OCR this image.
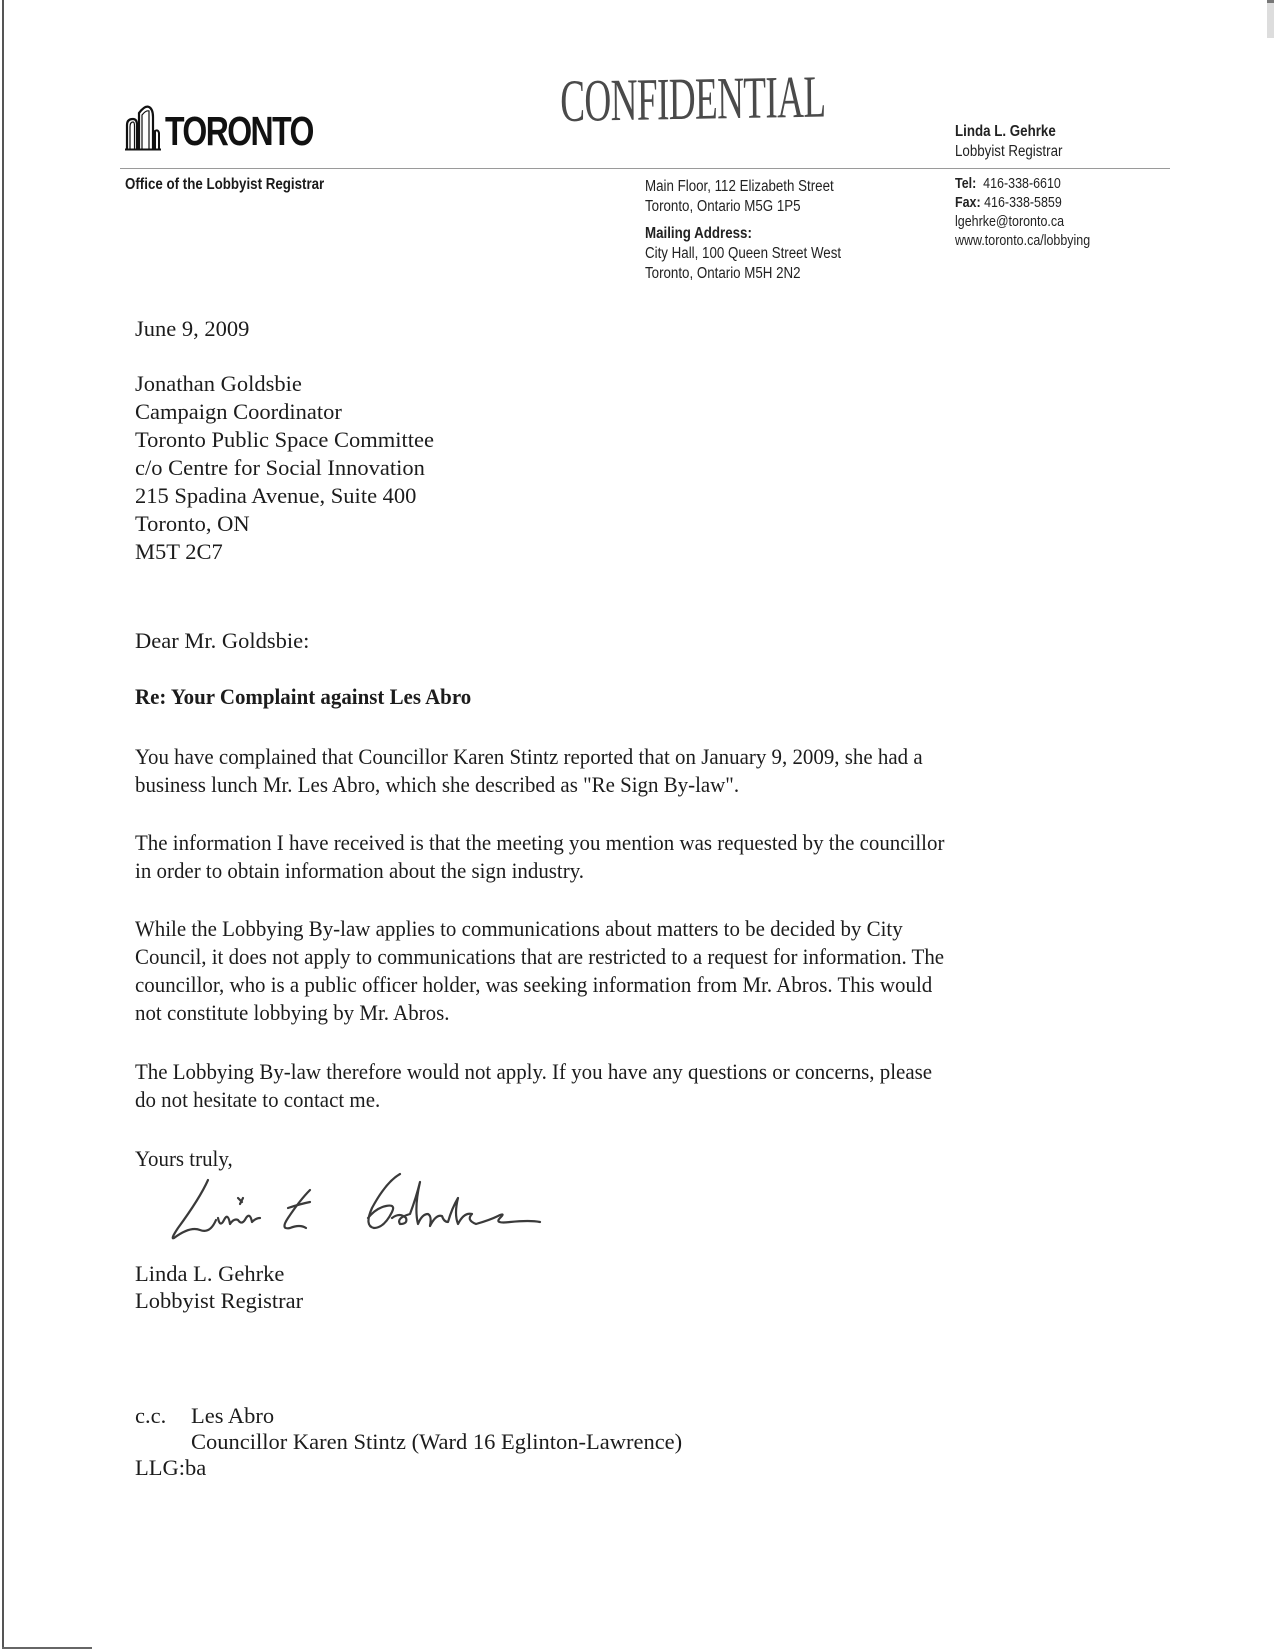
TORONTO	CONFIDENTIAL
Office of the Lobbyist Registrar	Main Floor, 112 Elizabeth Street
Toronto, Ontario M5G 1P5
Mailing Address:
City Hall, 100 Queen Street West
Toronto, Ontario M5H 2N2
Linda L. Gehrke
Lobbyist Registrar
Tel: 416-338-6610
Fax: 416-338-5859
lgehrke@toronto.ca
www.toronto.ca/lobbying
June 9, 2009
Jonathan Goldsbie
Campaign Coordinator
Toronto Public Space Committee
c/o Centre for Social Innovation
215 Spadina Avenue, Suite 400
Toronto, ON
M5T 2C7
Dear Mr. Goldsbie:
Re: Your Complaint against Les Abro
You have complained that Councillor Karen Stintz reported that on January 9, 2009, she had a
business lunch Mr. Les Abro, which she described as "Re Sign By-law".
The information I have received is that the meeting you mention was requested by the councillor
in order to obtain information about the sign industry.
While the Lobbying By-law applies to communications about matters to be decided by City
Council, it does not apply to communications that are restricted to a request for information. The
councillor, who is a public officer holder, was seeking information from Mr. Abros. This would
not constitute lobbying by Mr. Abros.
The Lobbying By-law therefore would not apply. If you have any questions or concerns, please
do not hesitate to contact me.
Yours truly,
Linda L. Gehrke
Lobbyist Registrar
c.c. Les Abro
Councillor Karen Stintz (Ward 16 Eglinton-Lawrence)
LLG:ba
